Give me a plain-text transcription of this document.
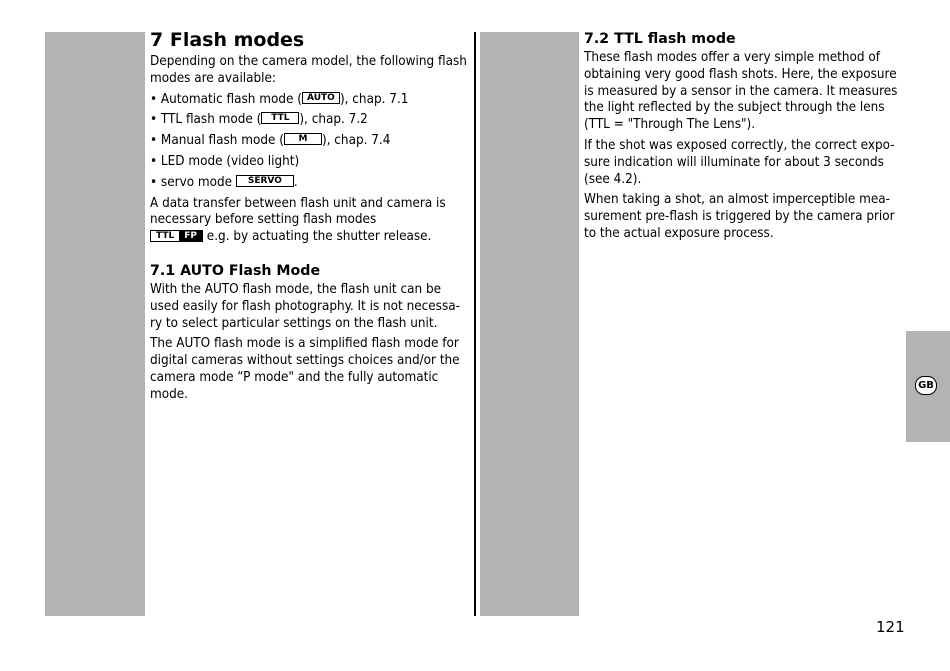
GB
7 Flash modes

Depending on the camera model, the following flash modes are available:

• Automatic flash mode ( AUTO ), chap. 7.1
• TTL flash mode ( TTL ), chap. 7.2
• Manual flash mode ( M ), chap. 7.4
• LED mode (video light)
• servo mode SERVO .

A data transfer between flash unit and camera is necessary before setting flash modes

TTL	FP e.g. by actuating the shutter release.

7.1 AUTO Flash Mode

With the AUTO flash mode, the flash unit can be used easily for flash photography. It is not necessa-ry to select particular settings on the flash unit.

The AUTO flash mode is a simplified flash mode for digital cameras without settings choices and/or the camera mode “P mode" and the fully automatic mode.

7.2 TTL flash mode

These flash modes offer a very simple method of obtaining very good flash shots. Here, the exposure is measured by a sensor in the camera. It measures the light reflected by the subject through the lens (TTL = "Through The Lens").

If the shot was exposed correctly, the correct expo-sure indication will illuminate for about 3 seconds (see 4.2).

When taking a shot, an almost imperceptible mea-surement pre-flash is triggered by the camera prior to the actual exposure process.

121
